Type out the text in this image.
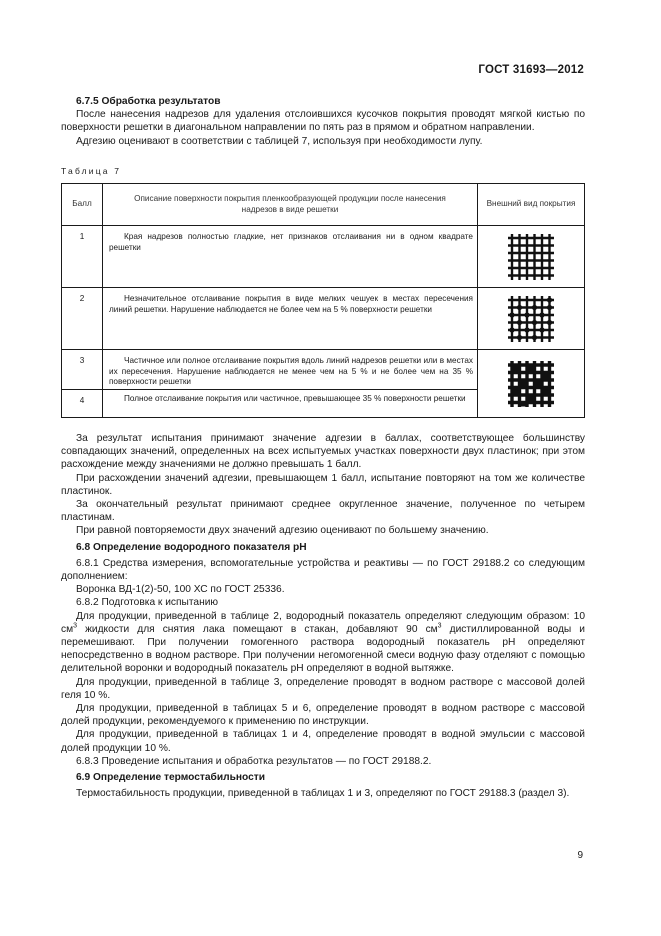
ГОСТ 31693—2012

6.7.5 Обработка результатов

После нанесения надрезов для удаления отслоившихся кусочков покрытия проводят мягкой кистью по поверхности решетки в диагональном направлении по пять раз в прямом и обратном направлении.

Адгезию оценивают в соответствии с таблицей 7, используя при необходимости лупу.

Таблица 7

Балл	Описание поверхности покрытия пленкообразующей продукции после нанесения надрезов в виде решетки	Внешний вид покрытия
1	Края надрезов полностью гладкие, нет признаков отслаивания ни в одном квадрате решетки

2	Незначительное отслаивание покрытия в виде мелких чешуек в местах пересечения линий решетки. Нарушение наблюдается не более чем на 5 % поверхности решетки

3	Частичное или полное отслаивание покрытия вдоль линий надрезов решетки или в местах их пересечения. Нарушение наблюдается не менее чем на 5 % и не более чем на 35 % поверхности решетки

4	Полное отслаивание покрытия или частичное, превышающее 35 % поверхности решетки	

За результат испытания принимают значение адгезии в баллах, соответствующее большинству совпадающих значений, определенных на всех испытуемых участках поверхности двух пластинок; при этом расхождение между значениями не должно превышать 1 балл.

При расхождении значений адгезии, превышающем 1 балл, испытание повторяют на том же количестве пластинок.

За окончательный результат принимают среднее округленное значение, полученное по четырем пластинам.

При равной повторяемости двух значений адгезию оценивают по большему значению.

6.8 Определение водородного показателя pH

6.8.1 Средства измерения, вспомогательные устройства и реактивы — по ГОСТ 29188.2 со следующим дополнением:

Воронка ВД-1(2)-50, 100 ХС по ГОСТ 25336.

6.8.2 Подготовка к испытанию

Для продукции, приведенной в таблице 2, водородный показатель определяют следующим образом: 10 $см^3$ жидкости для снятия лака помещают в стакан, добавляют 90 $см^3$ дистиллированной воды и перемешивают. При получении гомогенного раствора водородный показатель pH определяют непосредственно в водном растворе. При получении негомогенной смеси водную фазу отделяют с помощью делительной воронки и водородный показатель pH определяют в водной вытяжке.

Для продукции, приведенной в таблице 3, определение проводят в водном растворе с массовой долей геля 10 %.

Для продукции, приведенной в таблицах 5 и 6, определение проводят в водном растворе с массовой долей продукции, рекомендуемого к применению по инструкции.

Для продукции, приведенной в таблицах 1 и 4, определение проводят в водной эмульсии с массовой долей продукции 10 %.

6.8.3 Проведение испытания и обработка результатов — по ГОСТ 29188.2.

6.9 Определение термостабильности

Термостабильность продукции, приведенной в таблицах 1 и 3, определяют по ГОСТ 29188.3 (раздел 3).

9
